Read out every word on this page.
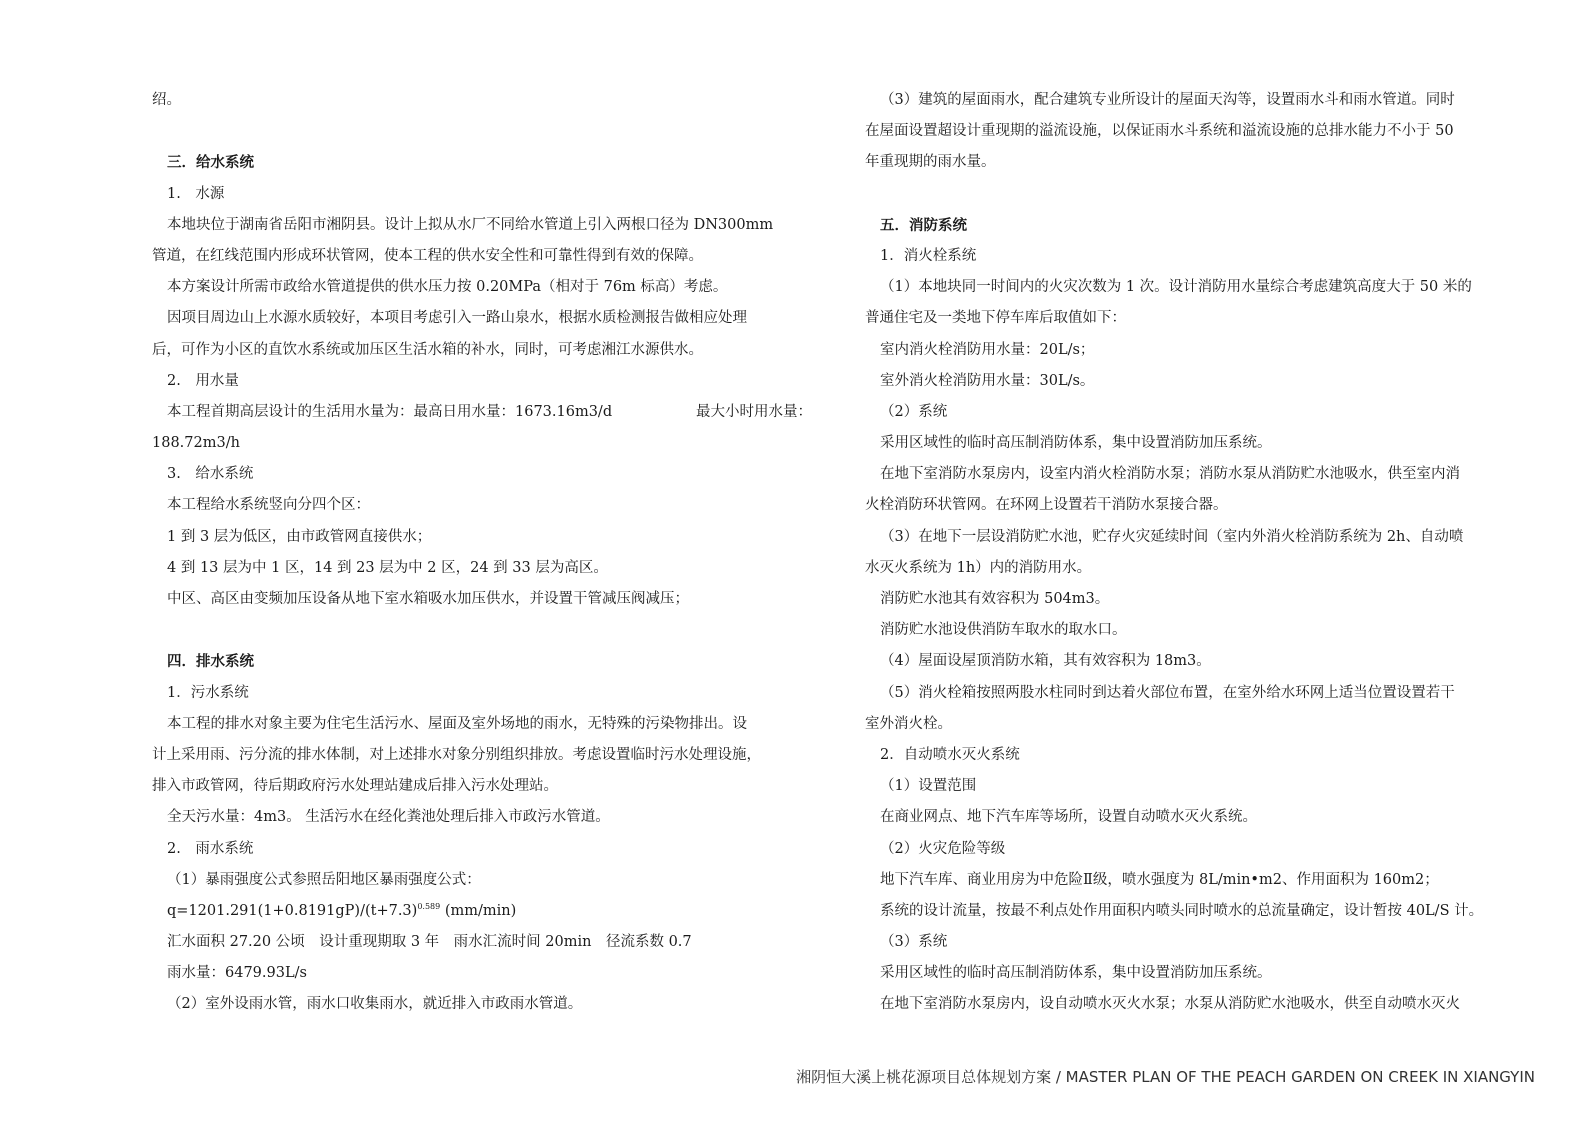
绍。
三．给水系统
1.　水源
本地块位于湖南省岳阳市湘阴县。设计上拟从水厂不同给水管道上引入两根口径为 DN300mm
管道，在红线范围内形成环状管网，使本工程的供水安全性和可靠性得到有效的保障。
本方案设计所需市政给水管道提供的供水压力按 0.20MPa（相对于 76m 标高）考虑。
因项目周边山上水源水质较好，本项目考虑引入一路山泉水，根据水质检测报告做相应处理
后，可作为小区的直饮水系统或加压区生活水箱的补水，同时，可考虑湘江水源供水。
2.　用水量
本工程首期高层设计的生活用水量为：最高日用水量：1673.16m3/d	最大小时用水量：
188.72m3/h
3.　给水系统
本工程给水系统竖向分四个区：
1 到 3 层为低区，由市政管网直接供水；
4 到 13 层为中 1 区，14 到 23 层为中 2 区，24 到 33 层为高区。
中区、高区由变频加压设备从地下室水箱吸水加压供水，并设置干管减压阀减压；
四．排水系统
1．污水系统
本工程的排水对象主要为住宅生活污水、屋面及室外场地的雨水，无特殊的污染物排出。设
计上采用雨、污分流的排水体制，对上述排水对象分别组织排放。考虑设置临时污水处理设施，
排入市政管网，待后期政府污水处理站建成后排入污水处理站。
全天污水量：4m3。 生活污水在经化粪池处理后排入市政污水管道。
2.　雨水系统
（1）暴雨强度公式参照岳阳地区暴雨强度公式：
$q=1201.291(1+0.8191gP)/(t+7.3)^{0.589}$ (mm/min)
汇水面积 27.20 公顷　设计重现期取 3 年　雨水汇流时间 20min　径流系数 0.7
雨水量：6479.93L/s
（2）室外设雨水管，雨水口收集雨水，就近排入市政雨水管道。
（3）建筑的屋面雨水，配合建筑专业所设计的屋面天沟等，设置雨水斗和雨水管道。同时
在屋面设置超设计重现期的溢流设施，以保证雨水斗系统和溢流设施的总排水能力不小于 50
年重现期的雨水量。
五．消防系统
1．消火栓系统
（1）本地块同一时间内的火灾次数为 1 次。设计消防用水量综合考虑建筑高度大于 50 米的
普通住宅及一类地下停车库后取值如下：
室内消火栓消防用水量：20L/s；
室外消火栓消防用水量：30L/s。
（2）系统
采用区域性的临时高压制消防体系，集中设置消防加压系统。
在地下室消防水泵房内，设室内消火栓消防水泵；消防水泵从消防贮水池吸水，供至室内消
火栓消防环状管网。在环网上设置若干消防水泵接合器。
（3）在地下一层设消防贮水池，贮存火灾延续时间（室内外消火栓消防系统为 2h、自动喷
水灭火系统为 1h）内的消防用水。
消防贮水池其有效容积为 504m3。
消防贮水池设供消防车取水的取水口。
（4）屋面设屋顶消防水箱，其有效容积为 18m3。
（5）消火栓箱按照两股水柱同时到达着火部位布置，在室外给水环网上适当位置设置若干
室外消火栓。
2．自动喷水灭火系统
（1）设置范围
在商业网点、地下汽车库等场所，设置自动喷水灭火系统。
（2）火灾危险等级
地下汽车库、商业用房为中危险Ⅱ级，喷水强度为 8L/min•m2、作用面积为 160m2；
系统的设计流量，按最不利点处作用面积内喷头同时喷水的总流量确定，设计暂按 40L/S 计。
（3）系统
采用区域性的临时高压制消防体系，集中设置消防加压系统。
在地下室消防水泵房内，设自动喷水灭火水泵；水泵从消防贮水池吸水，供至自动喷水灭火
湘阴恒大溪上桃花源项目总体规划方案 / MASTER PLAN OF THE PEACH GARDEN ON CREEK IN XIANGYIN
